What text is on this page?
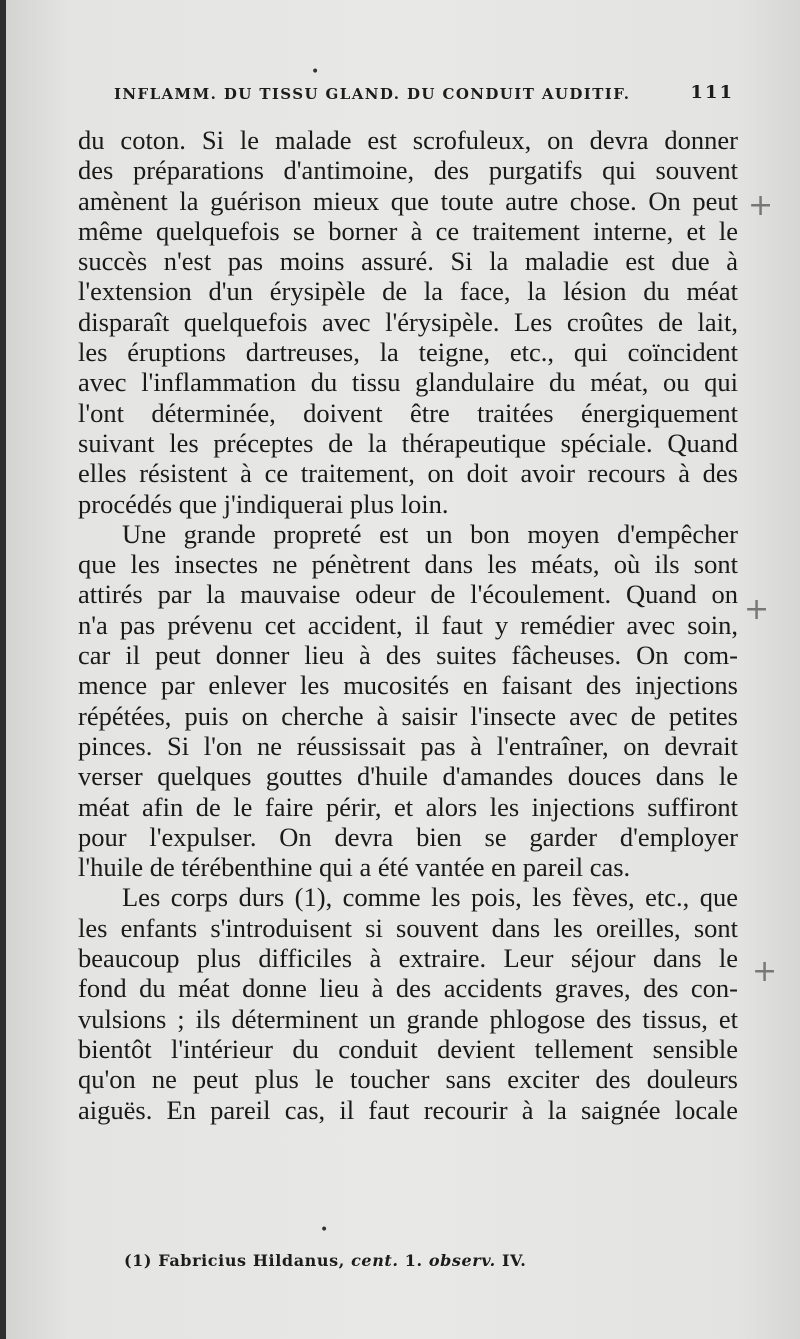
•
INFLAMM. DU TISSU GLAND. DU CONDUIT AUDITIF.	111
du coton. Si le malade est scrofuleux, on devra donner
des préparations d'antimoine, des purgatifs qui souvent
amènent la guérison mieux que toute autre chose. On peut
même quelquefois se borner à ce traitement interne, et le
succès n'est pas moins assuré. Si la maladie est due à
l'extension d'un érysipèle de la face, la lésion du méat
disparaît quelquefois avec l'érysipèle. Les croûtes de lait,
les éruptions dartreuses, la teigne, etc., qui coïncident
avec l'inflammation du tissu glandulaire du méat, ou qui
l'ont déterminée, doivent être traitées énergiquement
suivant les préceptes de la thérapeutique spéciale. Quand
elles résistent à ce traitement, on doit avoir recours à des
procédés que j'indiquerai plus loin.
Une grande propreté est un bon moyen d'empêcher
que les insectes ne pénètrent dans les méats, où ils sont
attirés par la mauvaise odeur de l'écoulement. Quand on
n'a pas prévenu cet accident, il faut y remédier avec soin,
car il peut donner lieu à des suites fâcheuses. On com-
mence par enlever les mucosités en faisant des injections
répétées, puis on cherche à saisir l'insecte avec de petites
pinces. Si l'on ne réussissait pas à l'entraîner, on devrait
verser quelques gouttes d'huile d'amandes douces dans le
méat afin de le faire périr, et alors les injections suffiront
pour l'expulser. On devra bien se garder d'employer
l'huile de térébenthine qui a été vantée en pareil cas.
Les corps durs (1), comme les pois, les fèves, etc., que
les enfants s'introduisent si souvent dans les oreilles, sont
beaucoup plus difficiles à extraire. Leur séjour dans le
fond du méat donne lieu à des accidents graves, des con-
vulsions ; ils déterminent un grande phlogose des tissus, et
bientôt l'intérieur du conduit devient tellement sensible
qu'on ne peut plus le toucher sans exciter des douleurs
aiguës. En pareil cas, il faut recourir à la saignée locale
•
(1) Fabricius Hildanus, cent. 1. observ. IV.
+
+
+
